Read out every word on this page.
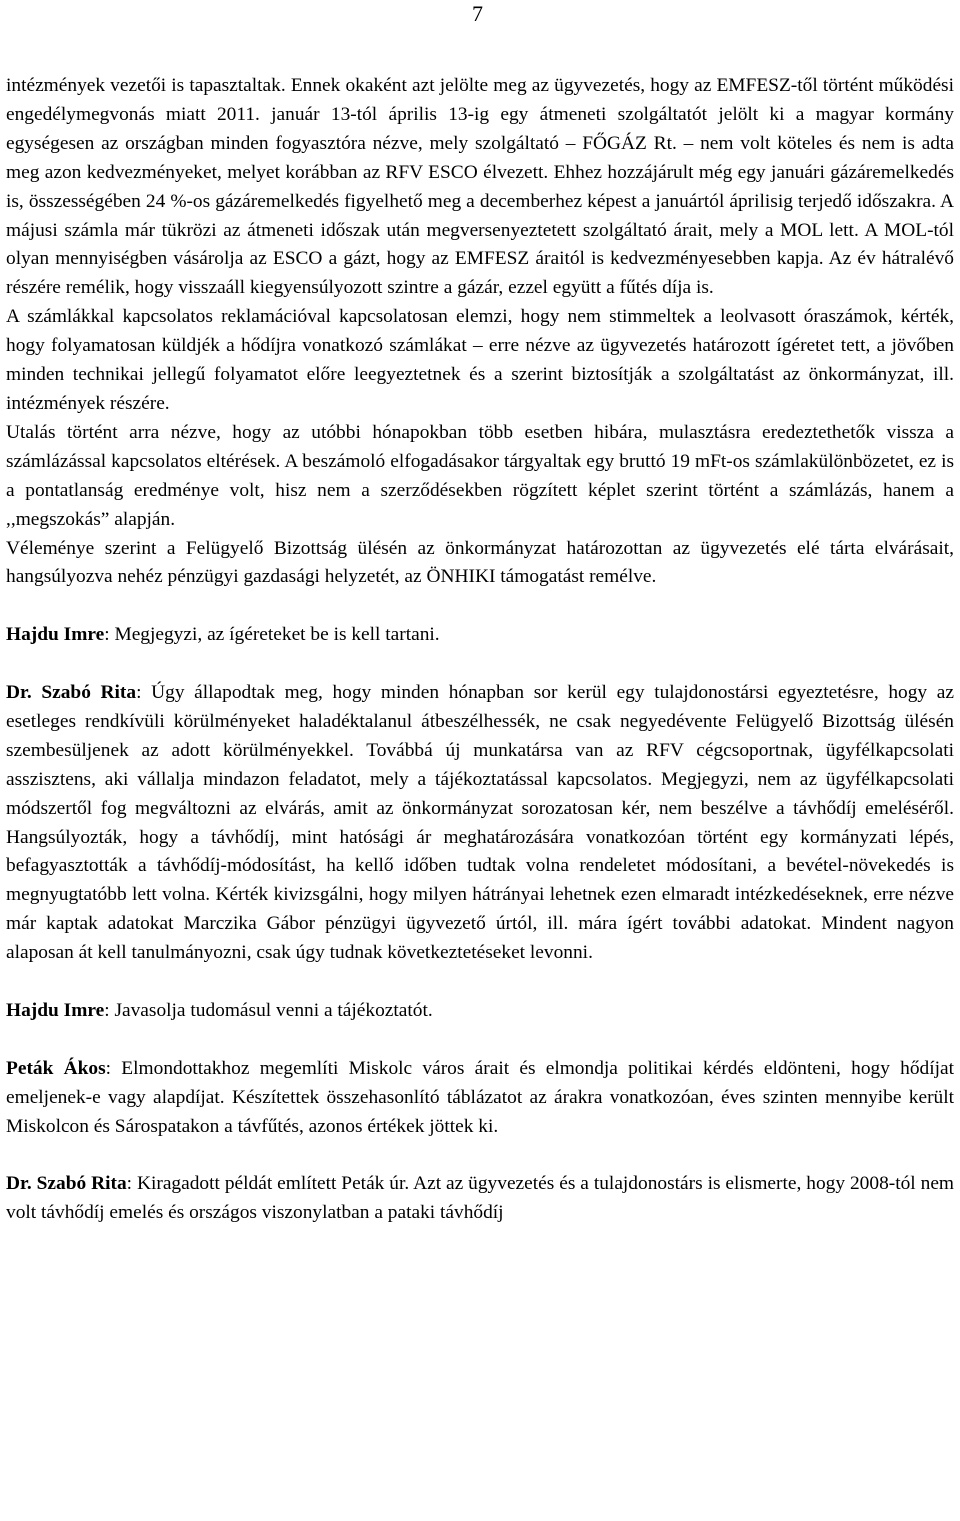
7

intézmények vezetői is tapasztaltak. Ennek okaként azt jelölte meg az ügyvezetés, hogy az EMFESZ-től történt működési engedélymegvonás miatt 2011. január 13-tól április 13-ig egy átmeneti szolgáltatót jelölt ki a magyar kormány egységesen az országban minden fogyasztóra nézve, mely szolgáltató – FŐGÁZ Rt. – nem volt köteles és nem is adta meg azon kedvezményeket, melyet korábban az RFV ESCO élvezett. Ehhez hozzájárult még egy januári gázáremelkedés is, összességében 24 %-os gázáremelkedés figyelhető meg a decemberhez képest a januártól áprilisig terjedő időszakra. A májusi számla már tükrözi az átmeneti időszak után megversenyeztetett szolgáltató árait, mely a MOL lett. A MOL-tól olyan mennyiségben vásárolja az ESCO a gázt, hogy az EMFESZ áraitól is kedvezményesebben kapja. Az év hátralévő részére remélik, hogy visszaáll kiegyensúlyozott szintre a gázár, ezzel együtt a fűtés díja is.

A számlákkal kapcsolatos reklamációval kapcsolatosan elemzi, hogy nem stimmeltek a leolvasott óraszámok, kérték, hogy folyamatosan küldjék a hődíjra vonatkozó számlákat – erre nézve az ügyvezetés határozott ígéretet tett, a jövőben minden technikai jellegű folyamatot előre leegyeztetnek és a szerint biztosítják a szolgáltatást az önkormányzat, ill. intézmények részére.

Utalás történt arra nézve, hogy az utóbbi hónapokban több esetben hibára, mulasztásra eredeztethetők vissza a számlázással kapcsolatos eltérések. A beszámoló elfogadásakor tárgyaltak egy bruttó 19 mFt-os számlakülönbözetet, ez is a pontatlanság eredménye volt, hisz nem a szerződésekben rögzített képlet szerint történt a számlázás, hanem a ,,megszokás” alapján.

Véleménye szerint a Felügyelő Bizottság ülésén az önkormányzat határozottan az ügyvezetés elé tárta elvárásait, hangsúlyozva nehéz pénzügyi gazdasági helyzetét, az ÖNHIKI támogatást remélve.

Hajdu Imre: Megjegyzi, az ígéreteket be is kell tartani.

Dr. Szabó Rita: Úgy állapodtak meg, hogy minden hónapban sor kerül egy tulajdonostársi egyeztetésre, hogy az esetleges rendkívüli körülményeket haladéktalanul átbeszélhessék, ne csak negyedévente Felügyelő Bizottság ülésén szembesüljenek az adott körülményekkel. Továbbá új munkatársa van az RFV cégcsoportnak, ügyfélkapcsolati asszisztens, aki vállalja mindazon feladatot, mely a tájékoztatással kapcsolatos. Megjegyzi, nem az ügyfélkapcsolati módszertől fog megváltozni az elvárás, amit az önkormányzat sorozatosan kér, nem beszélve a távhődíj emeléséről. Hangsúlyozták, hogy a távhődíj, mint hatósági ár meghatározására vonatkozóan történt egy kormányzati lépés, befagyasztották a távhődíj-módosítást, ha kellő időben tudtak volna rendeletet módosítani, a bevétel-növekedés is megnyugtatóbb lett volna. Kérték kivizsgálni, hogy milyen hátrányai lehetnek ezen elmaradt intézkedéseknek, erre nézve már kaptak adatokat Marczika Gábor pénzügyi ügyvezető úrtól, ill. mára ígért további adatokat. Mindent nagyon alaposan át kell tanulmányozni, csak úgy tudnak következtetéseket levonni.

Hajdu Imre: Javasolja tudomásul venni a tájékoztatót.

Peták Ákos: Elmondottakhoz megemlíti Miskolc város árait és elmondja politikai kérdés eldönteni, hogy hődíjat emeljenek-e vagy alapdíjat. Készítettek összehasonlító táblázatot az árakra vonatkozóan, éves szinten mennyibe került Miskolcon és Sárospatakon a távfűtés, azonos értékek jöttek ki.

Dr. Szabó Rita: Kiragadott példát említett Peták úr. Azt az ügyvezetés és a tulajdonostárs is elismerte, hogy 2008-tól nem volt távhődíj emelés és országos viszonylatban a pataki távhődíj
